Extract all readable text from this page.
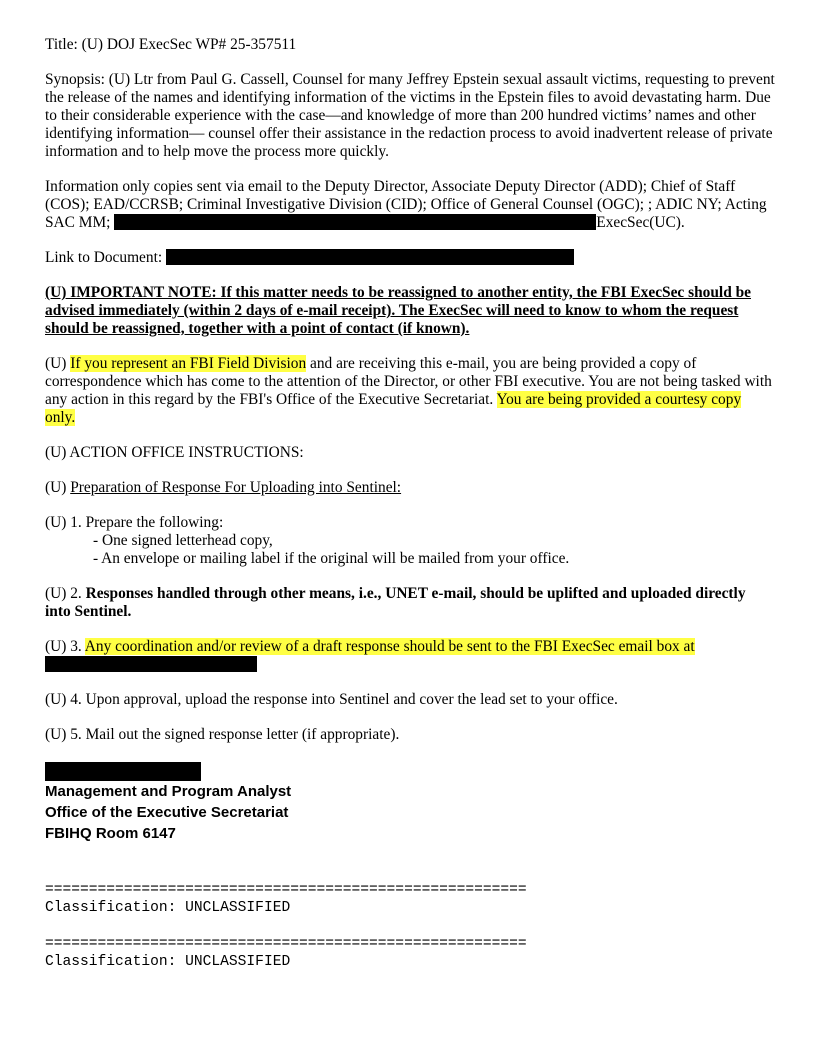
Title: (U) DOJ ExecSec WP# 25-357511

Synopsis: (U) Ltr from Paul G. Cassell, Counsel for many Jeffrey Epstein sexual assault victims, requesting to prevent the release of the names and identifying information of the victims in the Epstein files to avoid devastating harm. Due to their considerable experience with the case—and knowledge of more than 200 hundred victims’ names and other identifying information— counsel offer their assistance in the redaction process to avoid inadvertent release of private information and to help move the process more quickly.

Information only copies sent via email to the Deputy Director, Associate Deputy Director (ADD); Chief of Staff (COS); EAD/CCRSB; Criminal Investigative Division (CID); Office of General Counsel (OGC); ; ADIC NY; Acting SAC MM;	ExecSec(UC).

Link to Document:

(U) IMPORTANT NOTE: If this matter needs to be reassigned to another entity, the FBI ExecSec should be advised immediately (within 2 days of e-mail receipt). The ExecSec will need to know to whom the request should be reassigned, together with a point of contact (if known).

(U) If you represent an FBI Field Division and are receiving this e-mail, you are being provided a copy of correspondence which has come to the attention of the Director, or other FBI executive. You are not being tasked with any action in this regard by the FBI's Office of the Executive Secretariat. You are being provided a courtesy copy only.

(U) ACTION OFFICE INSTRUCTIONS:

(U) Preparation of Response For Uploading into Sentinel:

(U) 1. Prepare the following:

- One signed letterhead copy,

- An envelope or mailing label if the original will be mailed from your office.

(U) 2. Responses handled through other means, i.e., UNET e-mail, should be uplifted and uploaded directly into Sentinel.

(U) 3. Any coordination and/or review of a draft response should be sent to the FBI ExecSec email box at

(U) 4. Upon approval, upload the response into Sentinel and cover the lead set to your office.

(U) 5. Mail out the signed response letter (if appropriate).

Management and Program Analyst

Office of the Executive Secretariat

FBIHQ Room 6147

=======================================================

Classification: UNCLASSIFIED

=======================================================

Classification: UNCLASSIFIED
